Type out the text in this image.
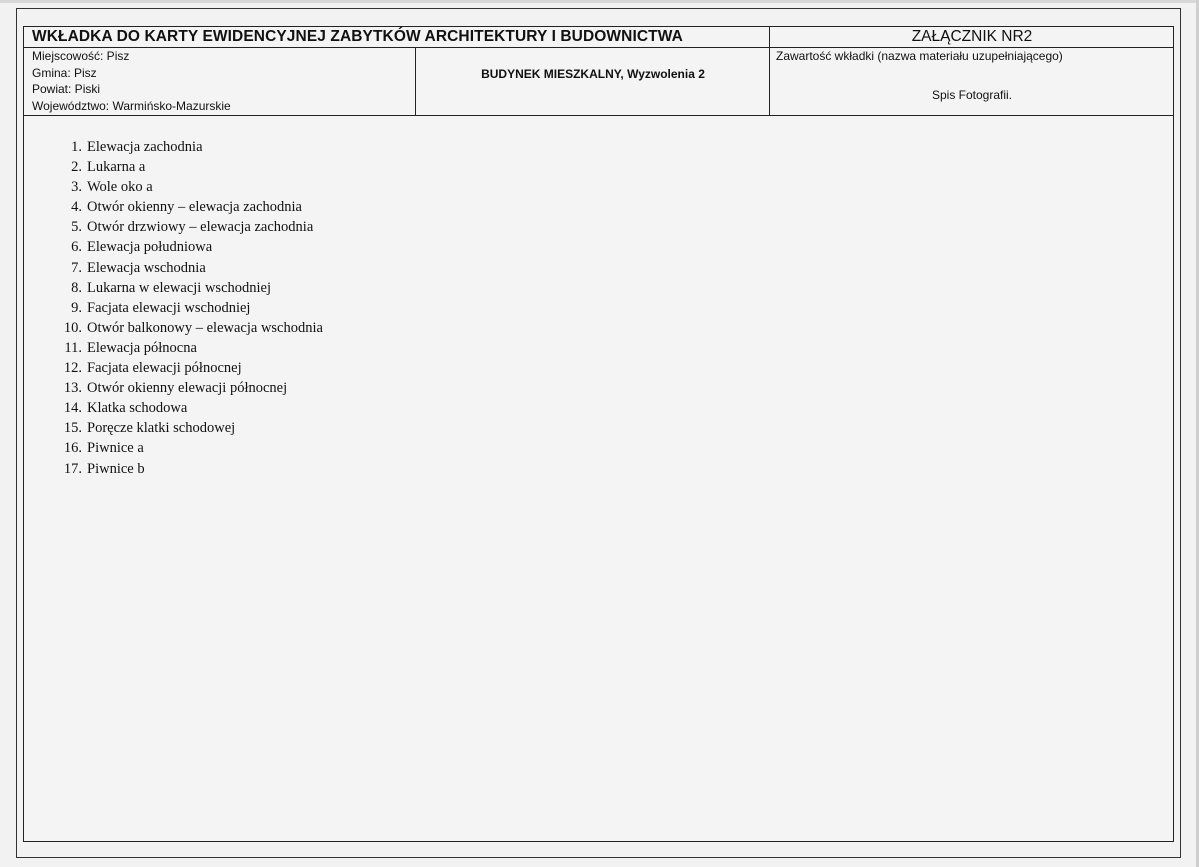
WKŁADKA DO KARTY EWIDENCYJNEJ ZABYTKÓW ARCHITEKTURY I BUDOWNICTWA	ZAŁĄCZNIK NR2
Miejscowość: Pisz
Gmina: Pisz
Powiat: Piski
Województwo: Warmińsko-Mazurskie
BUDYNEK MIESZKALNY, Wyzwolenia 2
Zawartość wkładki (nazwa materiału uzupełniającego)
Spis Fotografii.
1. Elewacja zachodnia
2. Lukarna a
3. Wole oko a
4. Otwór okienny – elewacja zachodnia
5. Otwór drzwiowy – elewacja zachodnia
6. Elewacja południowa
7. Elewacja wschodnia
8. Lukarna w elewacji wschodniej
9. Facjata elewacji wschodniej
10. Otwór balkonowy – elewacja wschodnia
11. Elewacja północna
12. Facjata elewacji północnej
13. Otwór okienny elewacji północnej
14. Klatka schodowa
15. Poręcze klatki schodowej
16. Piwnice a
17. Piwnice b
